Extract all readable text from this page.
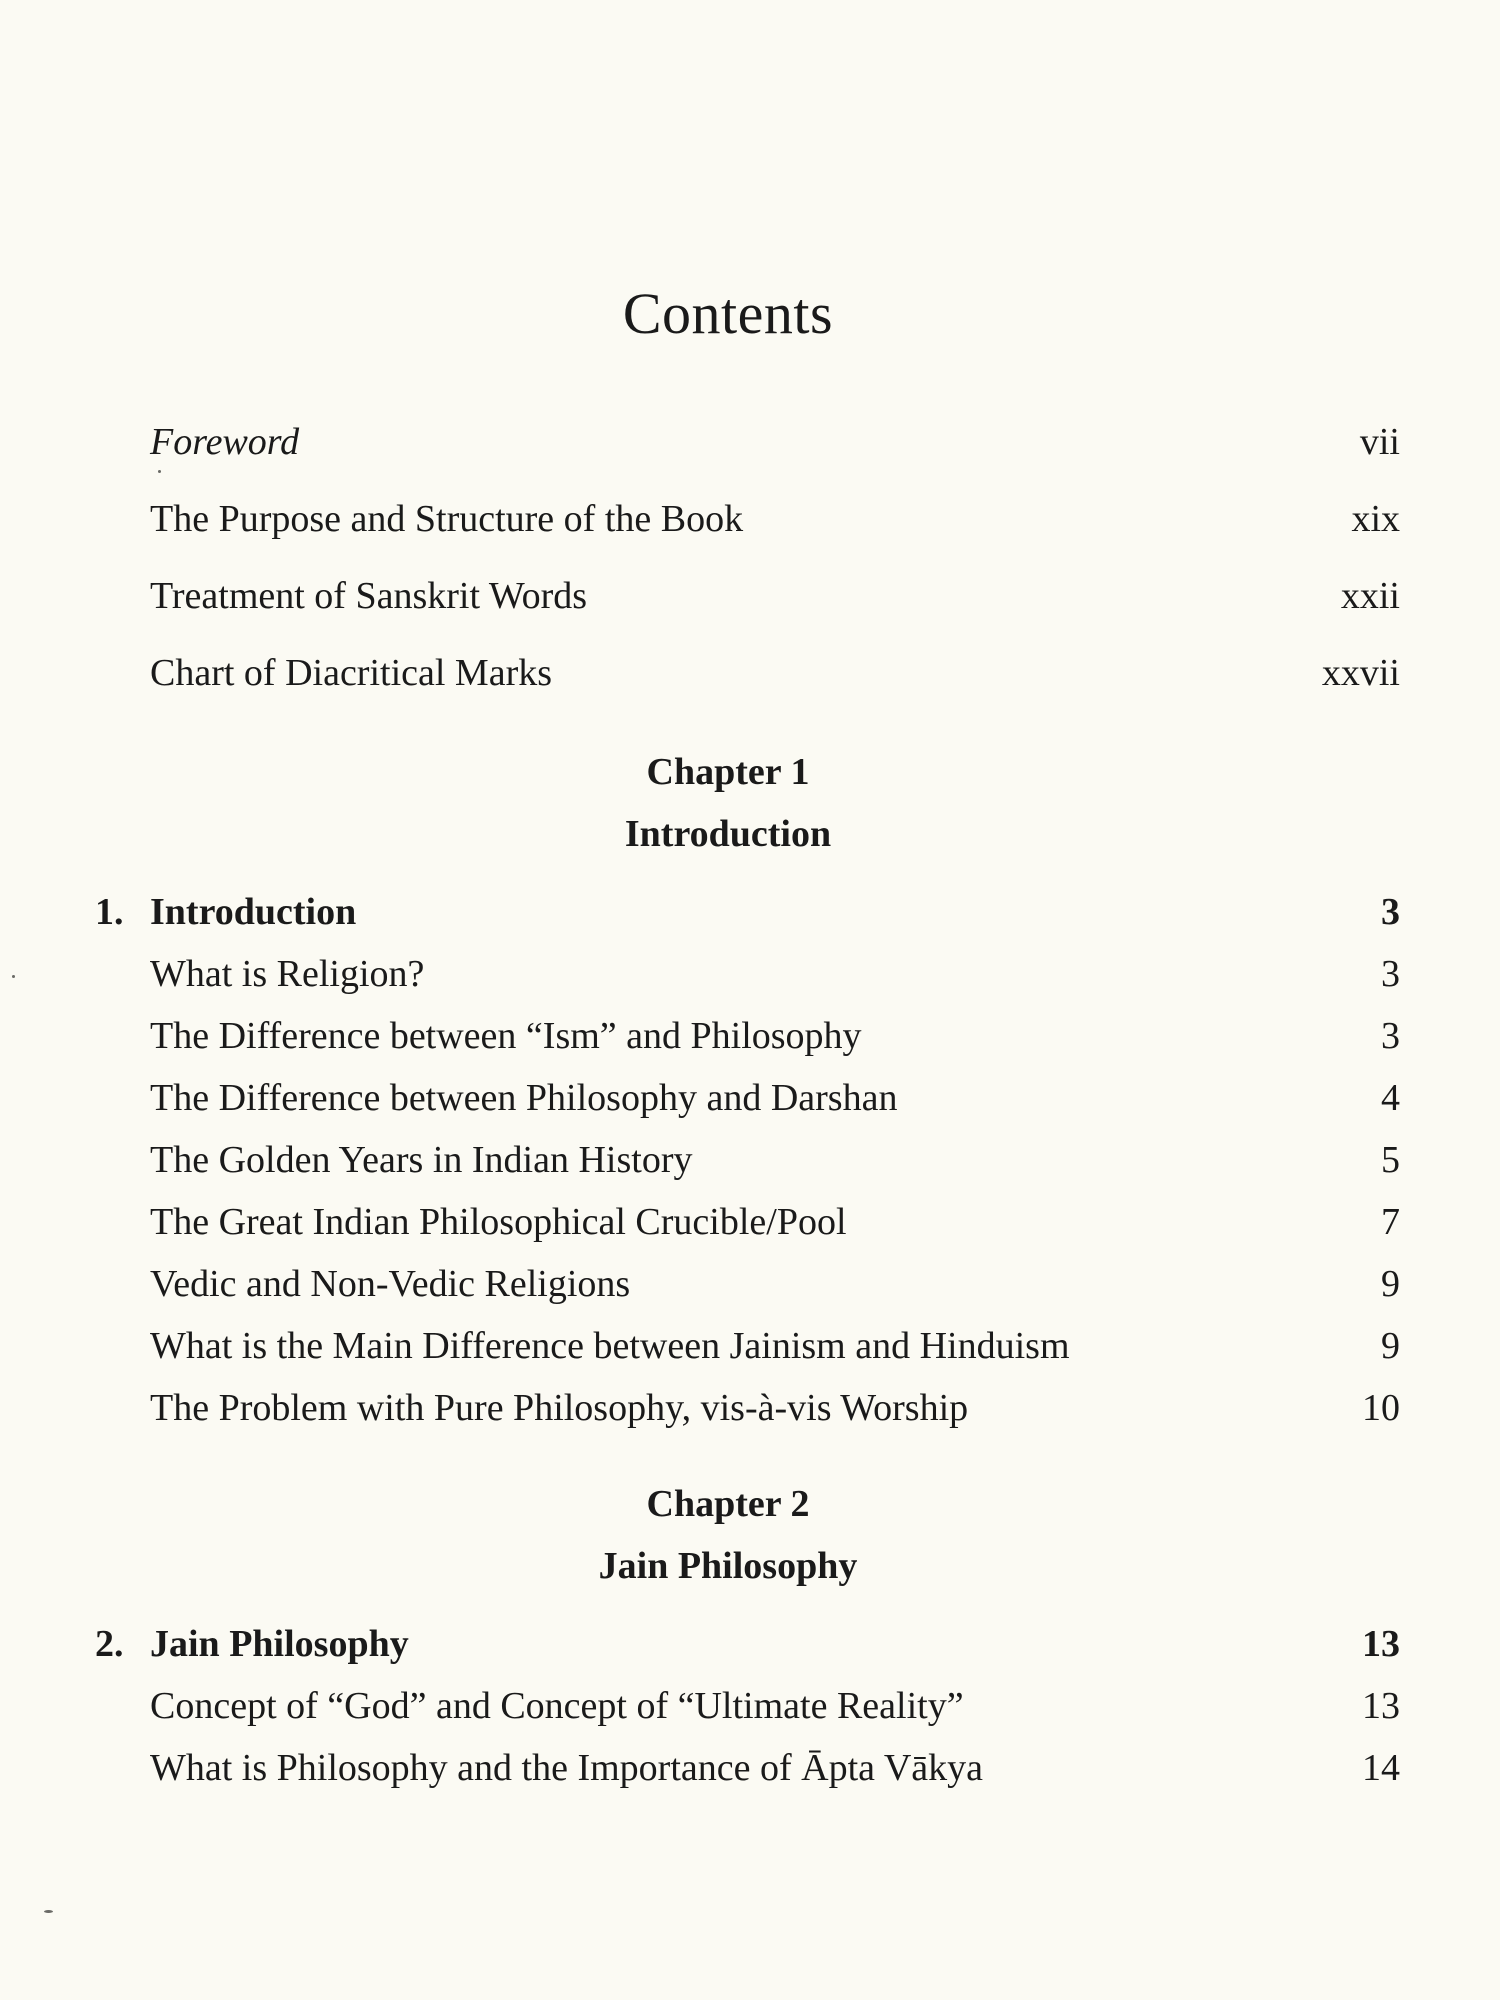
Contents
Foreword	vii
The Purpose and Structure of the Book	xix
Treatment of Sanskrit Words	xxii
Chart of Diacritical Marks	xxvii
Chapter 1
Introduction
1. Introduction	3
What is Religion?	3
The Difference between “Ism” and Philosophy	3
The Difference between Philosophy and Darshan	4
The Golden Years in Indian History	5
The Great Indian Philosophical Crucible/Pool	7
Vedic and Non-Vedic Religions	9
What is the Main Difference between Jainism and Hinduism	9
The Problem with Pure Philosophy, vis-à-vis Worship	10
Chapter 2
Jain Philosophy
2. Jain Philosophy	13
Concept of “God” and Concept of “Ultimate Reality”	13
What is Philosophy and the Importance of Āpta Vākya	14
